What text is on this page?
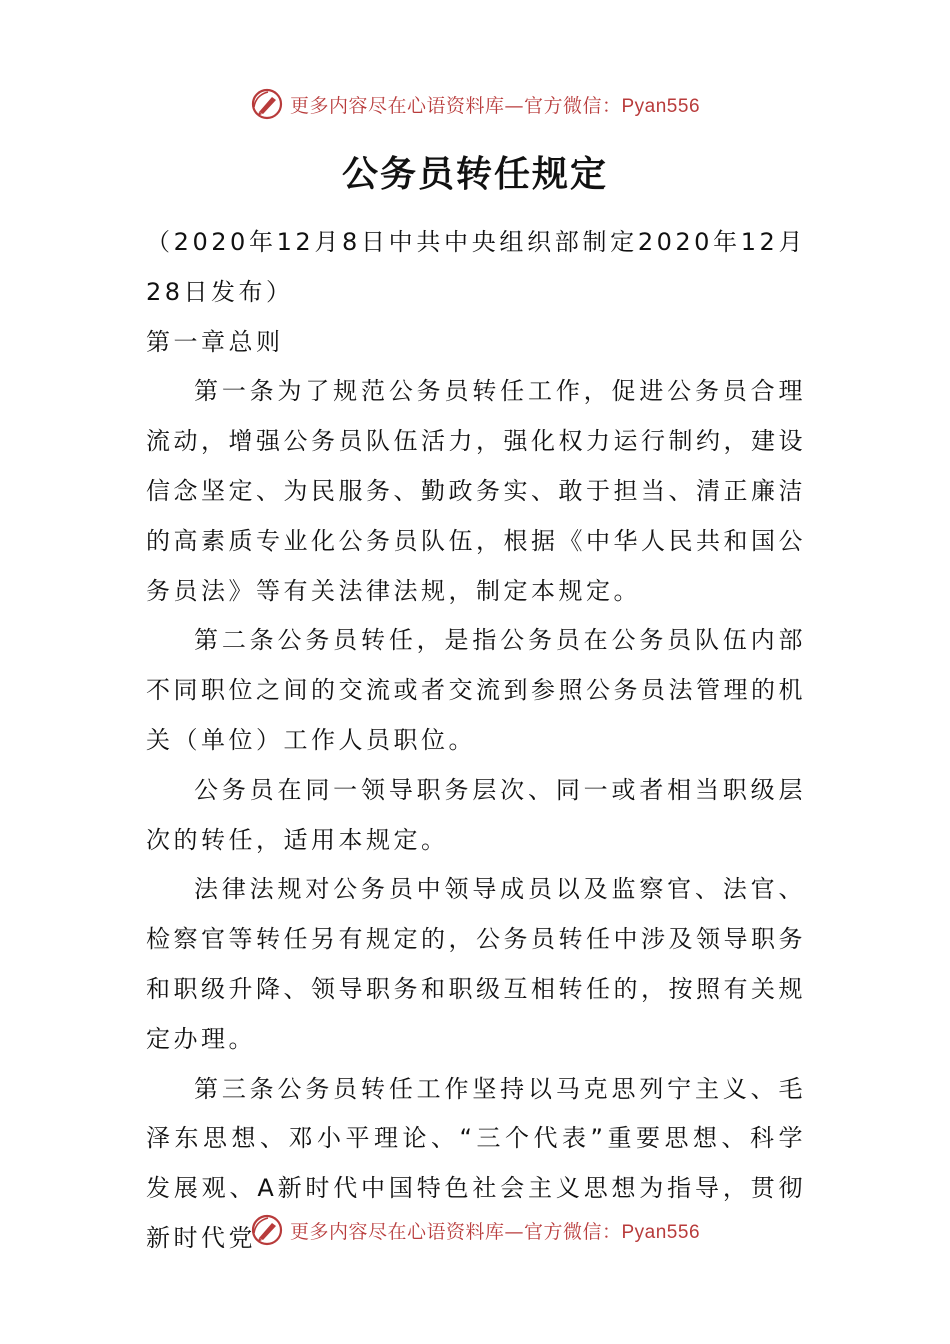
更多内容尽在心语资料库—官方微信：Pyan556
公务员转任规定

（2020年12月8日中共中央组织部制定2020年12月28日发布）

第一章总则

第一条为了规范公务员转任工作，促进公务员合理流动，增强公务员队伍活力，强化权力运行制约，建设信念坚定、为民服务、勤政务实、敢于担当、清正廉洁的高素质专业化公务员队伍，根据《中华人民共和国公务员法》等有关法律法规，制定本规定。

第二条公务员转任，是指公务员在公务员队伍内部不同职位之间的交流或者交流到参照公务员法管理的机关（单位）工作人员职位。

公务员在同一领导职务层次、同一或者相当职级层次的转任，适用本规定。

法律法规对公务员中领导成员以及监察官、法官、检察官等转任另有规定的，公务员转任中涉及领导职务和职级升降、领导职务和职级互相转任的，按照有关规定办理。

第三条公务员转任工作坚持以马克思列宁主义、毛泽东思想、邓小平理论、“三个代表”重要思想、科学发展观、A新时代中国特色社会主义思想为指导，贯彻新时代党	更多内容尽在心语资料库—官方微信：Pyan556
